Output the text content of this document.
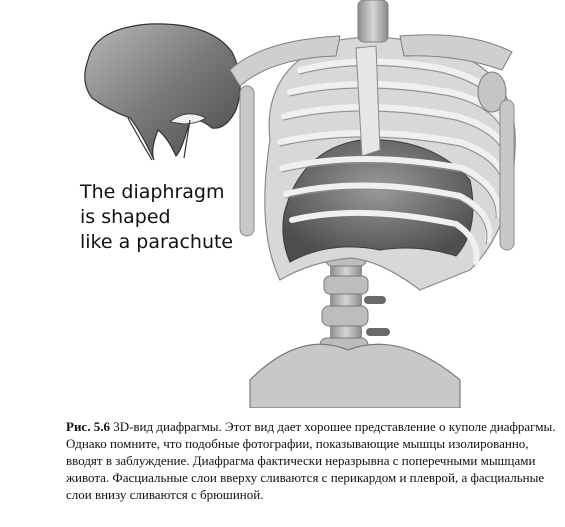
The diaphragm
is shaped
like a parachute
Рис. 5.6 3D-вид диафрагмы. Этот вид дает хорошее представление о куполе диафрагмы. Однако помните, что подобные фотографии, показывающие мышцы изолированно, вводят в заблуждение. Диафрагма фактически неразрывна с поперечными мышцами живота. Фасциальные слои вверху сливаются с перикардом и плеврой, а фасциальные слои внизу сливаются с брюшиной.
